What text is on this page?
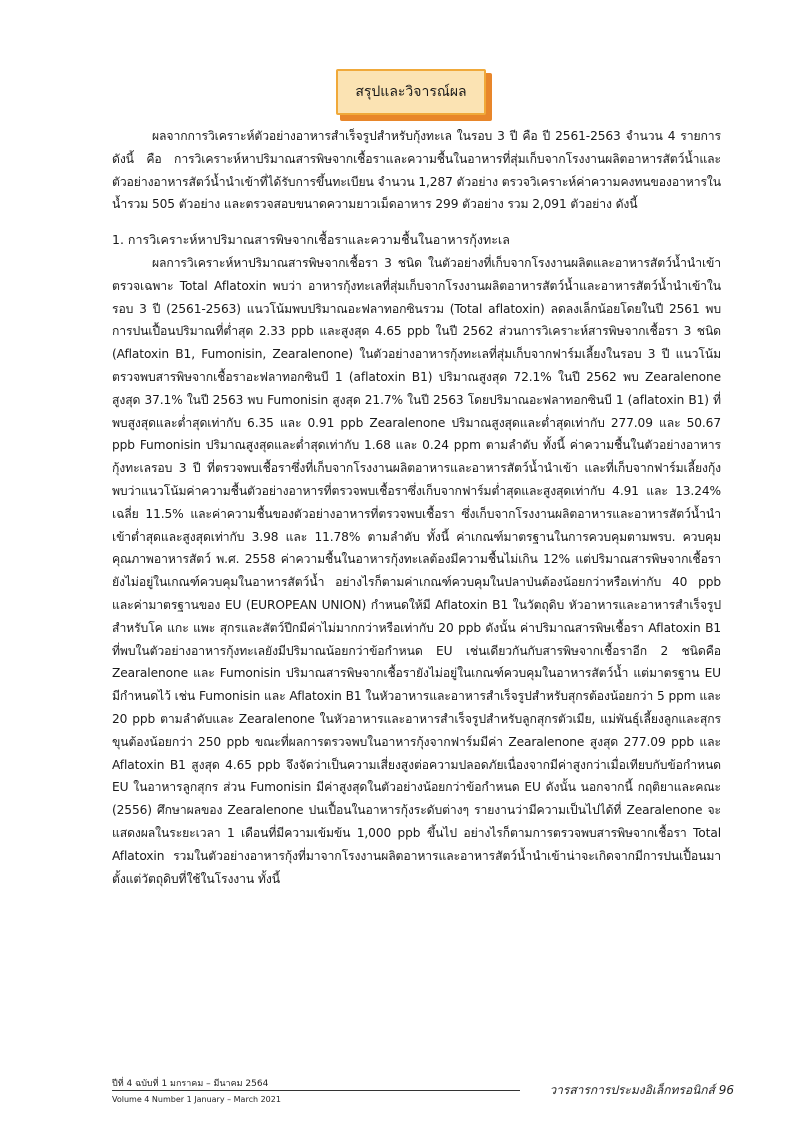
สรุปและวิจารณ์ผล

ผลจากการวิเคราะห์ตัวอย่างอาหารสำเร็จรูปสำหรับกุ้งทะเล ในรอบ 3 ปี คือ ปี 2561-2563 จำนวน 4 รายการดังนี้ คือ การวิเคราะห์หาปริมาณสารพิษจากเชื้อราและความชื้นในอาหารที่สุ่มเก็บจากโรงงานผลิตอาหารสัตว์น้ำและตัวอย่างอาหารสัตว์น้ำนำเข้าที่ได้รับการขึ้นทะเบียน จำนวน 1,287 ตัวอย่าง ตรวจวิเคราะห์ค่าความคงทนของอาหารในน้ำรวม 505 ตัวอย่าง และตรวจสอบขนาดความยาวเม็ดอาหาร 299 ตัวอย่าง รวม 2,091 ตัวอย่าง ดังนี้

1. การวิเคราะห์หาปริมาณสารพิษจากเชื้อราและความชื้นในอาหารกุ้งทะเล

ผลการวิเคราะห์หาปริมาณสารพิษจากเชื้อรา 3 ชนิด ในตัวอย่างที่เก็บจากโรงงานผลิตและอาหารสัตว์น้ำนำเข้าตรวจเฉพาะ Total Aflatoxin พบว่า อาหารกุ้งทะเลที่สุ่มเก็บจากโรงงานผลิตอาหารสัตว์น้ำและอาหารสัตว์น้ำนำเข้าในรอบ 3 ปี (2561-2563) แนวโน้มพบปริมาณอะฟลาทอกซินรวม (Total aflatoxin) ลดลงเล็กน้อยโดยในปี 2561 พบการปนเปื้อนปริมาณที่ต่ำสุด 2.33 ppb และสูงสุด 4.65 ppb ในปี 2562 ส่วนการวิเคราะห์สารพิษจากเชื้อรา 3 ชนิด (Aflatoxin B1, Fumonisin, Zearalenone) ในตัวอย่างอาหารกุ้งทะเลที่สุ่มเก็บจากฟาร์มเลี้ยงในรอบ 3 ปี แนวโน้มตรวจพบสารพิษจากเชื้อราอะฟลาทอกซินบี 1 (aflatoxin B1) ปริมาณสูงสุด 72.1% ในปี 2562 พบ Zearalenone สูงสุด 37.1% ในปี 2563 พบ Fumonisin สูงสุด 21.7% ในปี 2563 โดยปริมาณอะฟลาทอกซินบี 1 (aflatoxin B1) ที่พบสูงสุดและต่ำสุดเท่ากับ 6.35 และ 0.91 ppb Zearalenone ปริมาณสูงสุดและต่ำสุดเท่ากับ 277.09 และ 50.67 ppb Fumonisin ปริมาณสูงสุดและต่ำสุดเท่ากับ 1.68 และ 0.24 ppm ตามลำดับ ทั้งนี้ ค่าความชื้นในตัวอย่างอาหารกุ้งทะเลรอบ 3 ปี ที่ตรวจพบเชื้อราซึ่งที่เก็บจากโรงงานผลิตอาหารและอาหารสัตว์น้ำนำเข้า และที่เก็บจากฟาร์มเลี้ยงกุ้ง พบว่าแนวโน้มค่าความชื้นตัวอย่างอาหารที่ตรวจพบเชื้อราซึ่งเก็บจากฟาร์มต่ำสุดและสูงสุดเท่ากับ 4.91 และ 13.24% เฉลี่ย 11.5% และค่าความชื้นของตัวอย่างอาหารที่ตรวจพบเชื้อรา ซึ่งเก็บจากโรงงานผลิตอาหารและอาหารสัตว์น้ำนำเข้าต่ำสุดและสูงสุดเท่ากับ 3.98 และ 11.78% ตามลำดับ ทั้งนี้ ค่าเกณฑ์มาตรฐานในการควบคุมตามพรบ. ควบคุมคุณภาพอาหารสัตว์ พ.ศ. 2558 ค่าความชื้นในอาหารกุ้งทะเลต้องมีความชื้นไม่เกิน 12% แต่ปริมาณสารพิษจากเชื้อรายังไม่อยู่ในเกณฑ์ควบคุมในอาหารสัตว์น้ำ อย่างไรก็ตามค่าเกณฑ์ควบคุมในปลาป่นต้องน้อยกว่าหรือเท่ากับ 40 ppb และค่ามาตรฐานของ EU (EUROPEAN UNION) กำหนดให้มี Aflatoxin B1 ในวัตถุดิบ หัวอาหารและอาหารสำเร็จรูปสำหรับโค แกะ แพะ สุกรและสัตว์ปีกมีค่าไม่มากกว่าหรือเท่ากับ 20 ppb ดังนั้น ค่าปริมาณสารพิษเชื้อรา Aflatoxin B1 ที่พบในตัวอย่างอาหารกุ้งทะเลยังมีปริมาณน้อยกว่าข้อกำหนด EU เช่นเดียวกันกับสารพิษจากเชื้อราอีก 2 ชนิดคือ Zearalenone และ Fumonisin ปริมาณสารพิษจากเชื้อรายังไม่อยู่ในเกณฑ์ควบคุมในอาหารสัตว์น้ำ แต่มาตรฐาน EU มีกำหนดไว้ เช่น Fumonisin และ Aflatoxin B1 ในหัวอาหารและอาหารสำเร็จรูปสำหรับสุกรต้องน้อยกว่า 5 ppm และ 20 ppb ตามลำดับและ Zearalenone ในหัวอาหารและอาหารสำเร็จรูปสำหรับลูกสุกรตัวเมีย, แม่พันธุ์เลี้ยงลูกและสุกรขุนต้องน้อยกว่า 250 ppb ขณะที่ผลการตรวจพบในอาหารกุ้งจากฟาร์มมีค่า Zearalenone สูงสุด 277.09 ppb และ Aflatoxin B1 สูงสุด 4.65 ppb จึงจัดว่าเป็นความเสี่ยงสูงต่อความปลอดภัยเนื่องจากมีค่าสูงกว่าเมื่อเทียบกับข้อกำหนด EU ในอาหารลูกสุกร ส่วน Fumonisin มีค่าสูงสุดในตัวอย่างน้อยกว่าข้อกำหนด EU ดังนั้น นอกจากนี้ กฤติยาและคณะ (2556) ศึกษาผลของ Zearalenone ปนเปื้อนในอาหารกุ้งระดับต่างๆ รายงานว่ามีความเป็นไปได้ที่ Zearalenone จะแสดงผลในระยะเวลา 1 เดือนที่มีความเข้มข้น 1,000 ppb ขึ้นไป อย่างไรก็ตามการตรวจพบสารพิษจากเชื้อรา Total Aflatoxin รวมในตัวอย่างอาหารกุ้งที่มาจากโรงงานผลิตอาหารและอาหารสัตว์น้ำนำเข้าน่าจะเกิดจากมีการปนเปื้อนมาตั้งแต่วัตถุดิบที่ใช้ในโรงงาน ทั้งนี้

ปีที่ 4 ฉบับที่ 1 มกราคม – มีนาคม 2564
Volume 4 Number 1 January – March 2021
วารสารการประมงอิเล็กทรอนิกส์ 96
